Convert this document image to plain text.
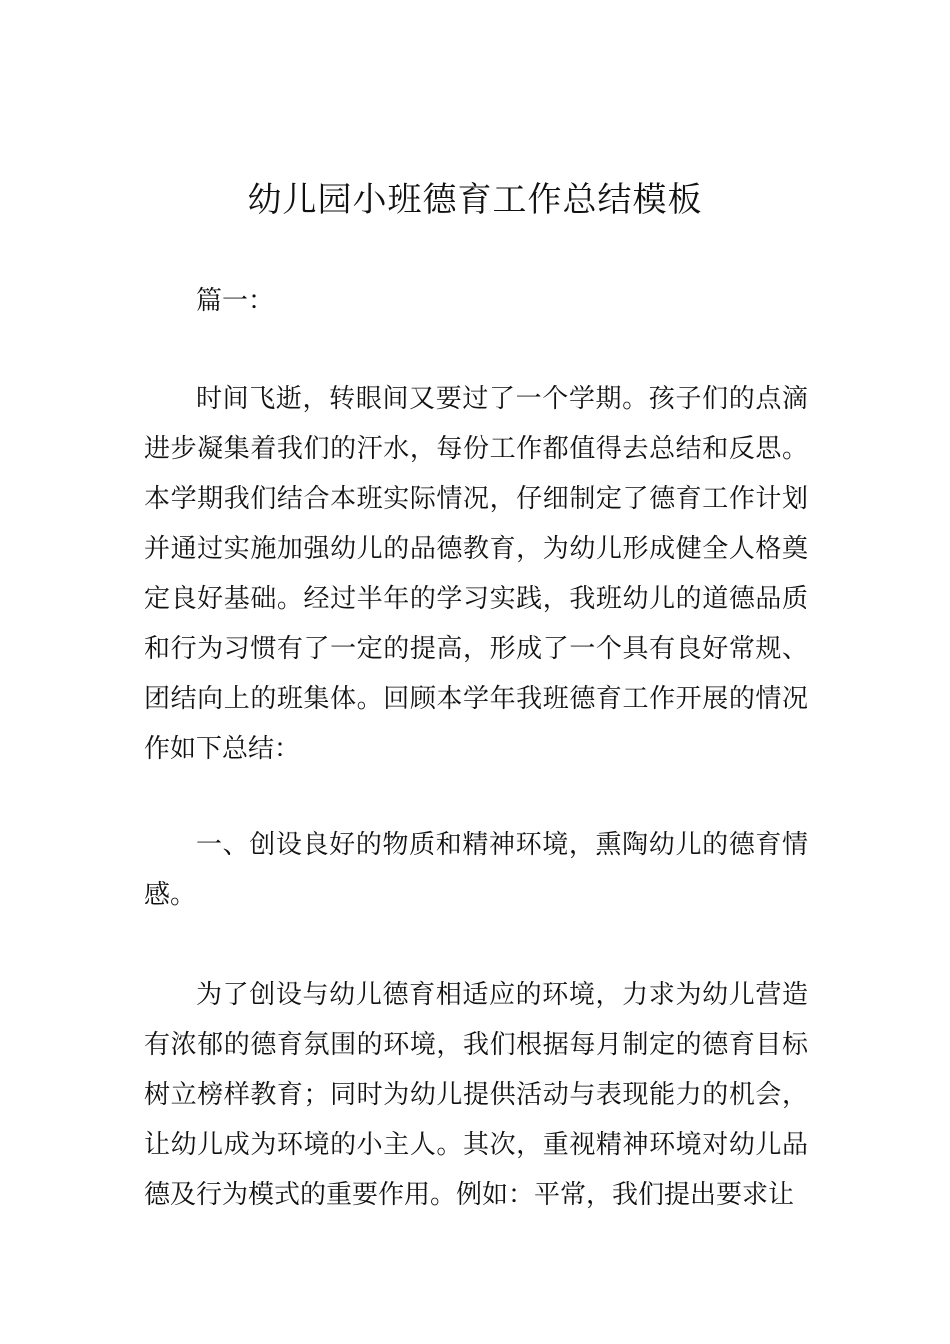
幼儿园小班德育工作总结模板
篇一：

时间飞逝，转眼间又要过了一个学期。孩子们的点滴进步凝集着我们的汗水，每份工作都值得去总结和反思。本学期我们结合本班实际情况，仔细制定了德育工作计划并通过实施加强幼儿的品德教育，为幼儿形成健全人格奠定良好基础。经过半年的学习实践，我班幼儿的道德品质和行为习惯有了一定的提高，形成了一个具有良好常规、团结向上的班集体。回顾本学年我班德育工作开展的情况作如下总结：

一、创设良好的物质和精神环境，熏陶幼儿的德育情感。

为了创设与幼儿德育相适应的环境，力求为幼儿营造有浓郁的德育氛围的环境，我们根据每月制定的德育目标树立榜样教育；同时为幼儿提供活动与表现能力的机会，让幼儿成为环境的小主人。其次，重视精神环境对幼儿品德及行为模式的重要作用。例如：平常，我们提出要求让
